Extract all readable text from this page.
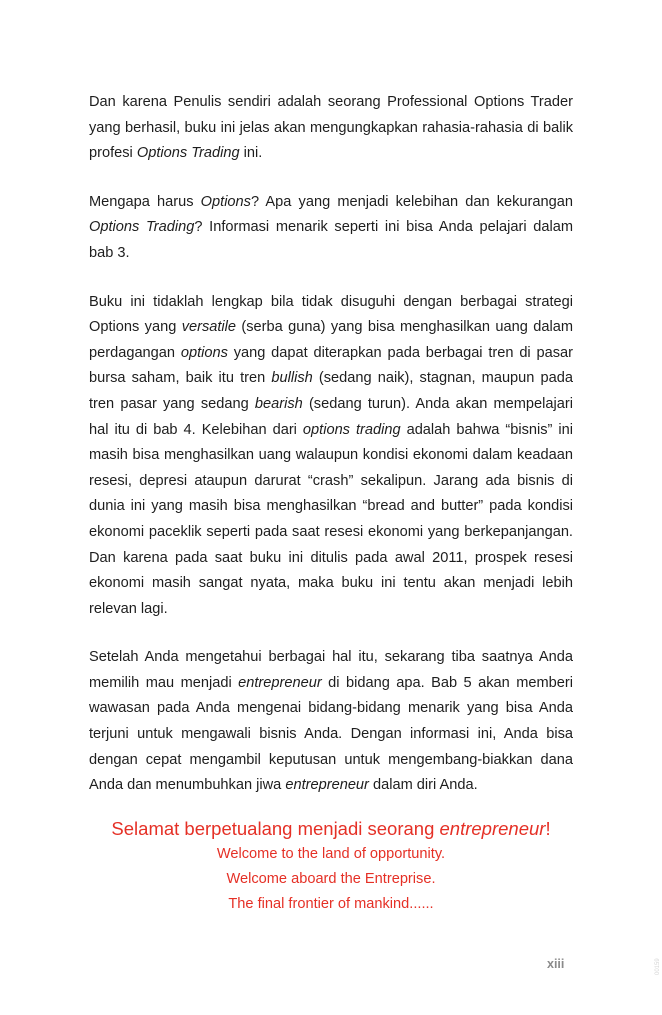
Dan karena Penulis sendiri adalah seorang Professional Options Trader yang berhasil, buku ini jelas akan mengungkapkan rahasia-rahasia di balik profesi Options Trading ini.

Mengapa harus Options? Apa yang menjadi kelebihan dan kekurangan Options Trading? Informasi menarik seperti ini bisa Anda pelajari dalam bab 3.

Buku ini tidaklah lengkap bila tidak disuguhi dengan berbagai strategi Options yang versatile (serba guna) yang bisa menghasilkan uang dalam perdagangan options yang dapat diterapkan pada berbagai tren di pasar bursa saham, baik itu tren bullish (sedang naik), stagnan, maupun pada tren pasar yang sedang bearish (sedang turun). Anda akan mempelajari hal itu di bab 4. Kelebihan dari options trading adalah bahwa “bisnis” ini masih bisa menghasilkan uang walaupun kondisi ekonomi dalam keadaan resesi, depresi ataupun darurat “crash” sekalipun. Jarang ada bisnis di dunia ini yang masih bisa menghasilkan “bread and butter” pada kondisi ekonomi paceklik seperti pada saat resesi ekonomi yang berkepanjangan. Dan karena pada saat buku ini ditulis pada awal 2011, prospek resesi ekonomi masih sangat nyata, maka buku ini tentu akan menjadi lebih relevan lagi.

Setelah Anda mengetahui berbagai hal itu, sekarang tiba saatnya Anda memilih mau menjadi entrepreneur di bidang apa. Bab 5 akan memberi wawasan pada Anda mengenai bidang-bidang menarik yang bisa Anda terjuni untuk mengawali bisnis Anda. Dengan informasi ini, Anda bisa dengan cepat mengambil keputusan untuk mengembang-biakkan dana Anda dan menumbuhkan jiwa entrepreneur dalam diri Anda.

Selamat berpetualang menjadi seorang entrepreneur!
Welcome to the land of opportunity.
Welcome aboard the Entreprise.
The final frontier of mankind......
xiii	00159
